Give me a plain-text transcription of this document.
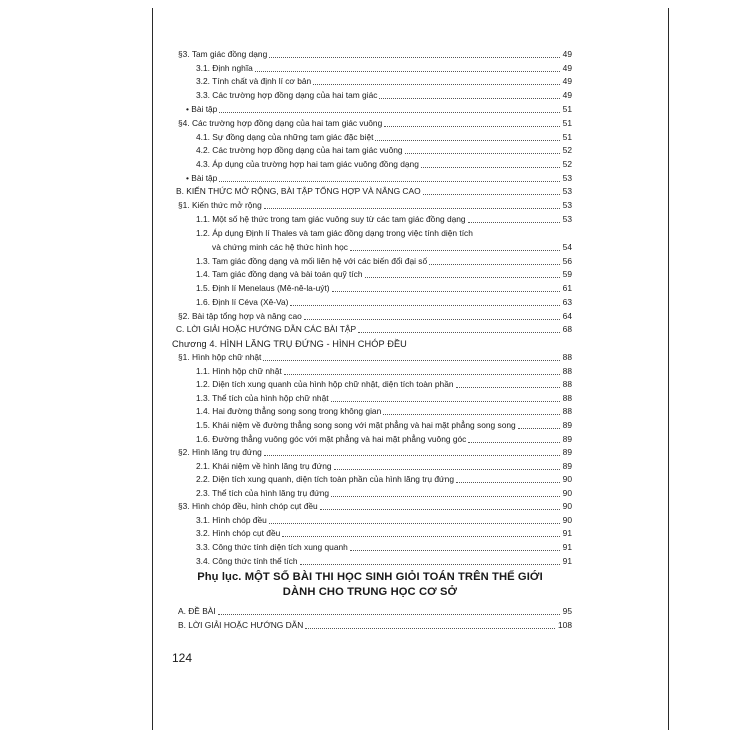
§3. Tam giác đồng dạng	49
3.1. Định nghĩa	49
3.2. Tính chất và định lí cơ bản	49
3.3. Các trường hợp đồng dạng của hai tam giác	49
• Bài tập	51
§4. Các trường hợp đồng dạng của hai tam giác vuông	51
4.1. Sự đồng dạng của những tam giác đặc biệt	51
4.2. Các trường hợp đồng dạng của hai tam giác vuông	52
4.3. Áp dụng của trường hợp hai tam giác vuông đồng dạng	52
• Bài tập	53
B. KIẾN THỨC MỞ RỘNG, BÀI TẬP TỔNG HỢP VÀ NÂNG CAO	53
§1. Kiến thức mở rộng	53
1.1. Một số hệ thức trong tam giác vuông suy từ các tam giác đồng dạng	53
1.2. Áp dụng Định lí Thales và tam giác đồng dạng trong việc tính diện tích
và chứng minh các hệ thức hình học	54
1.3. Tam giác đồng dạng và mối liên hệ với các biến đổi đại số	56
1.4. Tam giác đồng dạng và bài toán quỹ tích	59
1.5. Định lí Menelaus (Mê-nê-la-uýt)	61
1.6. Định lí Céva (Xê-Va)	63
§2. Bài tập tổng hợp và nâng cao	64
C. LỜI GIẢI HOẶC HƯỚNG DẪN CÁC BÀI TẬP	68
Chương 4. HÌNH LĂNG TRỤ ĐỨNG - HÌNH CHÓP ĐỀU
§1. Hình hộp chữ nhật	88
1.1. Hình hộp chữ nhật	88
1.2. Diện tích xung quanh của hình hộp chữ nhật, diện tích toàn phần	88
1.3. Thể tích của hình hộp chữ nhật	88
1.4. Hai đường thẳng song song trong không gian	88
1.5. Khái niệm về đường thẳng song song với mặt phẳng và hai mặt phẳng song song	89
1.6. Đường thẳng vuông góc với mặt phẳng và hai mặt phẳng vuông góc	89
§2. Hình lăng trụ đứng	89
2.1. Khái niệm về hình lăng trụ đứng	89
2.2. Diện tích xung quanh, diện tích toàn phần của hình lăng trụ đứng	90
2.3. Thể tích của hình lăng trụ đứng	90
§3. Hình chóp đều, hình chóp cụt đều	90
3.1. Hình chóp đều	90
3.2. Hình chóp cụt đều	91
3.3. Công thức tính diện tích xung quanh	91
3.4. Công thức tính thể tích	91
Phụ lục. MỘT SỐ BÀI THI HỌC SINH GIỎI TOÁN TRÊN THẾ GIỚI
DÀNH CHO TRUNG HỌC CƠ SỞ
A. ĐỀ BÀI	95
B. LỜI GIẢI HOẶC HƯỚNG DẪN	108
124
